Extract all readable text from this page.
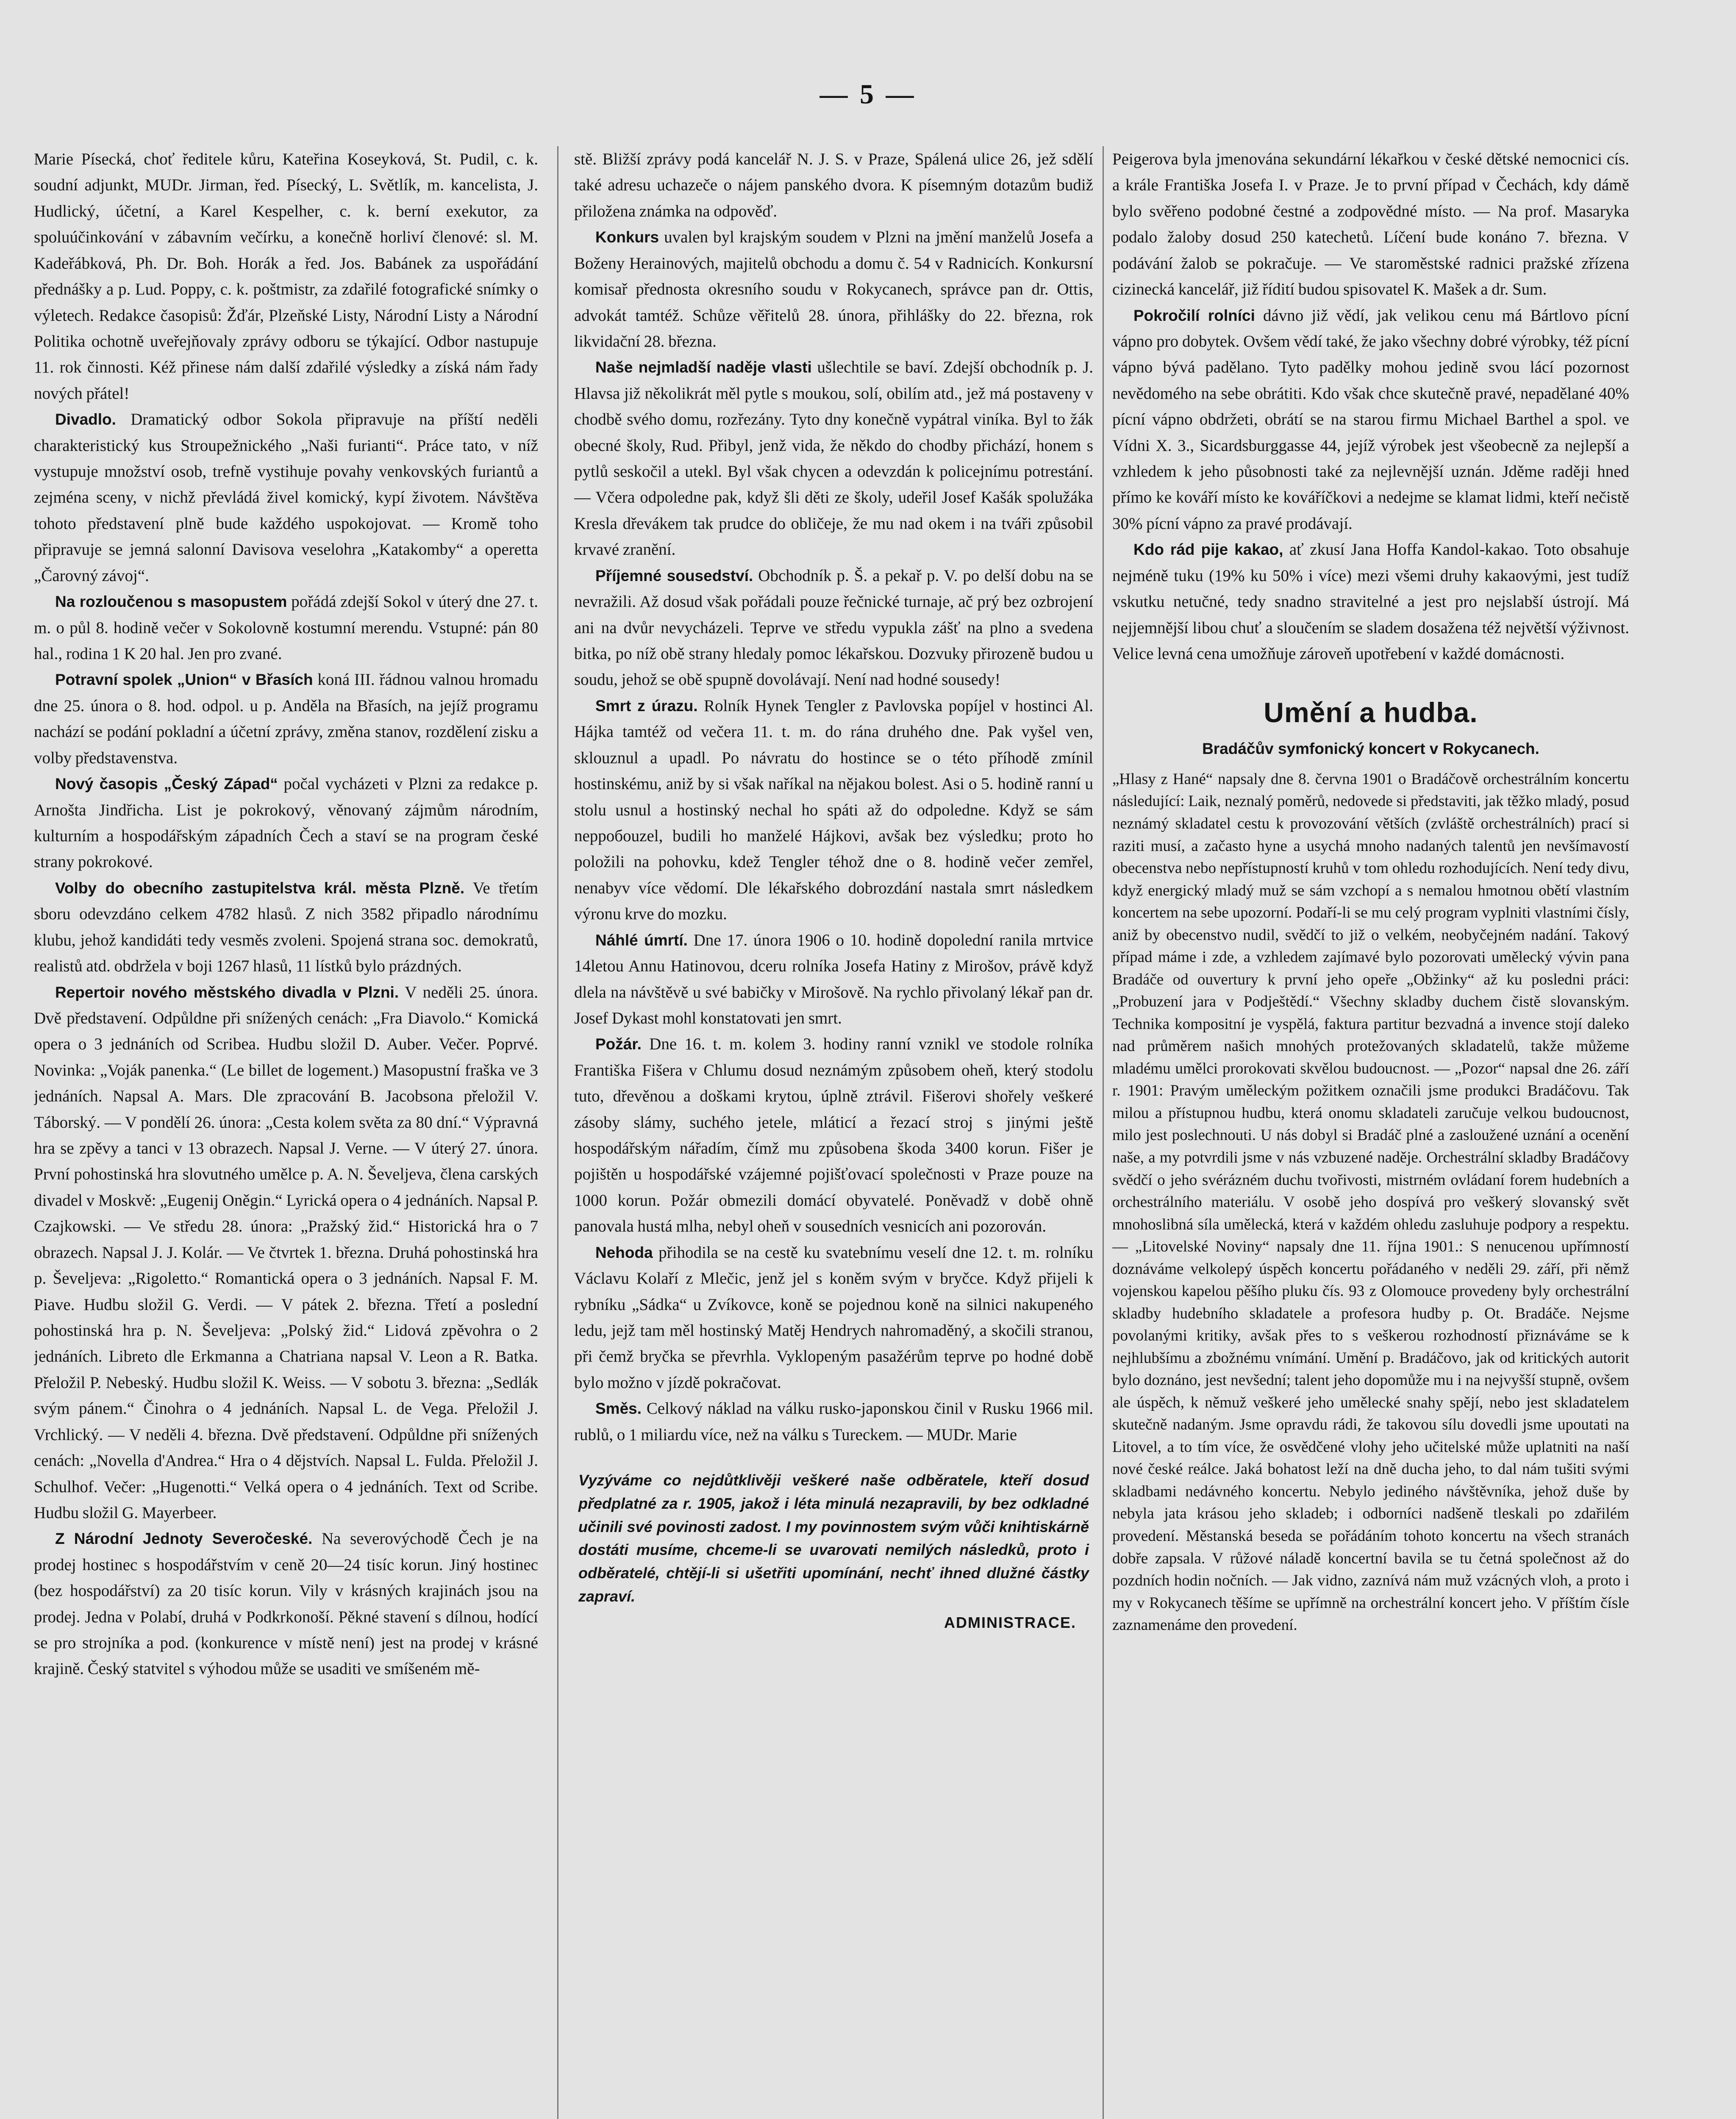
— 5 —

Marie Písecká, choť ředitele kůru, Kateřina Koseyková, St. Pudil, c. k. soudní adjunkt, MUDr. Jirman, řed. Písecký, L. Světlík, m. kancelista, J. Hudlický, účetní, a Karel Kespelher, c. k. berní exekutor, za spoluúčinkování v zábavním večírku, a konečně horliví členové: sl. M. Kadeřábková, Ph. Dr. Boh. Horák a řed. Jos. Babánek za uspořádání přednášky a p. Lud. Poppy, c. k. poštmistr, za zdařilé fotografické snímky o výletech. Redakce časopisů: Žďár, Plzeňské Listy, Národní Listy a Národní Politika ochotně uveřejňovaly zprávy odboru se týkající. Odbor nastupuje 11. rok činnosti. Kéž přinese nám další zdařilé výsledky a získá nám řady nových přátel!

Divadlo. Dramatický odbor Sokola připravuje na příští neděli charakteristický kus Stroupežnického „Naši furianti“. Práce tato, v níž vystupuje množství osob, trefně vystihuje povahy venkovských furiantů a zejména sceny, v nichž převládá živel komický, kypí životem. Návštěva tohoto představení plně bude každého uspokojovat. — Kromě toho připravuje se jemná salonní Davisova veselohra „Katakomby“ a operetta „Čarovný závoj“.

Na rozloučenou s masopustem pořádá zdejší Sokol v úterý dne 27. t. m. o půl 8. hodině večer v Sokolovně kostumní merendu. Vstupné: pán 80 hal., rodina 1 K 20 hal. Jen pro zvané.

Potravní spolek „Union“ v Břasích koná III. řádnou valnou hromadu dne 25. února o 8. hod. odpol. u p. Anděla na Břasích, na jejíž programu nachází se podání pokladní a účetní zprávy, změna stanov, rozdělení zisku a volby představenstva.

Nový časopis „Český Západ“ počal vycházeti v Plzni za redakce p. Arnošta Jindřicha. List je pokrokový, věnovaný zájmům národním, kulturním a hospodářským západních Čech a staví se na program české strany pokrokové.

Volby do obecního zastupitelstva král. města Plzně. Ve třetím sboru odevzdáno celkem 4782 hlasů. Z nich 3582 připadlo národnímu klubu, jehož kandidáti tedy vesměs zvoleni. Spojená strana soc. demokratů, realistů atd. obdržela v boji 1267 hlasů, 11 lístků bylo prázdných.

Repertoir nového městského divadla v Plzni. V neděli 25. února. Dvě představení. Odpůldne při snížených cenách: „Fra Diavolo.“ Komická opera o 3 jednáních od Scribea. Hudbu složil D. Auber. Večer. Poprvé. Novinka: „Voják panenka.“ (Le billet de logement.) Masopustní fraška ve 3 jednáních. Napsal A. Mars. Dle zpracování B. Jacobsona přeložil V. Táborský. — V pondělí 26. února: „Cesta kolem světa za 80 dní.“ Výpravná hra se zpěvy a tanci v 13 obrazech. Napsal J. Verne. — V úterý 27. února. První pohostinská hra slovutného umělce p. A. N. Ševeljeva, člena carských divadel v Moskvě: „Eugenij Oněgin.“ Lyrická opera o 4 jednáních. Napsal P. Czajkowski. — Ve středu 28. února: „Pražský žid.“ Historická hra o 7 obrazech. Napsal J. J. Kolár. — Ve čtvrtek 1. března. Druhá pohostinská hra p. Ševeljeva: „Rigoletto.“ Romantická opera o 3 jednáních. Napsal F. M. Piave. Hudbu složil G. Verdi. — V pátek 2. března. Třetí a poslední pohostinská hra p. N. Ševeljeva: „Polský žid.“ Lidová zpěvohra o 2 jednáních. Libreto dle Erkmanna a Chatriana napsal V. Leon a R. Batka. Přeložil P. Nebeský. Hudbu složil K. Weiss. — V sobotu 3. března: „Sedlák svým pánem.“ Činohra o 4 jednáních. Napsal L. de Vega. Přeložil J. Vrchlický. — V neděli 4. března. Dvě představení. Odpůldne při snížených cenách: „Novella d'Andrea.“ Hra o 4 dějstvích. Napsal L. Fulda. Přeložil J. Schulhof. Večer: „Hugenotti.“ Velká opera o 4 jednáních. Text od Scribe. Hudbu složil G. Mayerbeer.

Z Národní Jednoty Severočeské. Na severovýchodě Čech je na prodej hostinec s hospodářstvím v ceně 20—24 tisíc korun. Jiný hostinec (bez hospodářství) za 20 tisíc korun. Vily v krásných krajinách jsou na prodej. Jedna v Polabí, druhá v Podkrkonoší. Pěkné stavení s dílnou, hodící se pro strojníka a pod. (konkurence v místě není) jest na prodej v krásné krajině. Český statvitel s výhodou může se usaditi ve smíšeném mě-

stě. Bližší zprávy podá kancelář N. J. S. v Praze, Spálená ulice 26, jež sdělí také adresu uchazeče o nájem panského dvora. K písemným dotazům budiž přiložena známka na odpověď.

Konkurs uvalen byl krajským soudem v Plzni na jmění manželů Josefa a Boženy Herainových, majitelů obchodu a domu č. 54 v Radnicích. Konkursní komisař přednosta okresního soudu v Rokycanech, správce pan dr. Ottis, advokát tamtéž. Schůze věřitelů 28. února, přihlášky do 22. března, rok likvidační 28. března.

Naše nejmladší naděje vlasti ušlechtile se baví. Zdejší obchodník p. J. Hlavsa již několikrát měl pytle s moukou, solí, obilím atd., jež má postaveny v chodbě svého domu, rozřezány. Tyto dny konečně vypátral viníka. Byl to žák obecné školy, Rud. Přibyl, jenž vida, že někdo do chodby přichází, honem s pytlů seskočil a utekl. Byl však chycen a odevzdán k policejnímu potrestání. — Včera odpoledne pak, když šli děti ze školy, udeřil Josef Kašák spolužáka Kresla dřevákem tak prudce do obličeje, že mu nad okem i na tváři způsobil krvavé zranění.

Příjemné sousedství. Obchodník p. Š. a pekař p. V. po delší dobu na se nevražili. Až dosud však pořádali pouze řečnické turnaje, ač prý bez ozbrojení ani na dvůr nevycházeli. Teprve ve středu vypukla zášť na plno a svedena bitka, po níž obě strany hledaly pomoc lékařskou. Dozvuky přirozeně budou u soudu, jehož se obě spupně dovolávají. Není nad hodné sousedy!

Smrt z úrazu. Rolník Hynek Tengler z Pavlovska popíjel v hostinci Al. Hájka tamtéž od večera 11. t. m. do rána druhého dne. Pak vyšel ven, sklouznul a upadl. Po návratu do hostince se o této příhodě zmínil hostinskému, aniž by si však naříkal na nějakou bolest. Asi o 5. hodině ranní u stolu usnul a hostinský nechal ho spáti až do odpoledne. Když se sám nepробouzel, budili ho manželé Hájkovi, avšak bez výsledku; proto ho položili na pohovku, kdež Tengler téhož dne o 8. hodině večer zemřel, nenabyv více vědomí. Dle lékařského dobrozdání nastala smrt následkem výronu krve do mozku.

Náhlé úmrtí. Dne 17. února 1906 o 10. hodině dopolední ranila mrtvice 14letou Annu Hatinovou, dceru rolníka Josefa Hatiny z Mirošov, právě když dlela na návštěvě u své babičky v Mirošově. Na rychlo přivolaný lékař pan dr. Josef Dykast mohl konstatovati jen smrt.

Požár. Dne 16. t. m. kolem 3. hodiny ranní vznikl ve stodole rolníka Františka Fišera v Chlumu dosud neznámým způsobem oheň, který stodolu tuto, dřevěnou a doškami krytou, úplně ztrávil. Fišerovi shořely veškeré zásoby slámy, suchého jetele, mláticí a řezací stroj s jinými ještě hospodářským nářadím, čímž mu způsobena škoda 3400 korun. Fišer je pojištěn u hospodářské vzájemné pojišťovací společnosti v Praze pouze na 1000 korun. Požár obmezili domácí obyvatelé. Poněvadž v době ohně panovala hustá mlha, nebyl oheň v sousedních vesnicích ani pozorován.

Nehoda přihodila se na cestě ku svatebnímu veselí dne 12. t. m. rolníku Václavu Kolaří z Mlečic, jenž jel s koněm svým v bryčce. Když přijeli k rybníku „Sádka“ u Zvíkovce, koně se pojednou koně na silnici nakupeného ledu, jejž tam měl hostinský Matěj Hendrych nahromaděný, a skočili stranou, při čemž bryčka se převrhla. Vyklopeným pasažérům teprve po hodné době bylo možno v jízdě pokračovat.

Směs. Celkový náklad na válku rusko-japonskou činil v Rusku 1966 mil. rublů, o 1 miliardu více, než na válku s Tureckem. — MUDr. Marie

Vyzýváme co nejdůtklivěji veškeré naše odběratele, kteří dosud předplatné za r. 1905, jakož i léta minulá nezapravili, by bez odkladné učinili své povinosti zadost. I my povinnostem svým vůči knihtiskárně dostáti musíme, chceme-li se uvarovati nemilých následků, proto i odběratelé, chtějí-li si ušetřiti upomínání, nechť ihned dlužné částky zapraví.
ADMINISTRACE.

Peigerova byla jmenována sekundární lékařkou v české dětské nemocnici cís. a krále Františka Josefa I. v Praze. Je to první případ v Čechách, kdy dámě bylo svěřeno podobné čestné a zodpovědné místo. — Na prof. Masaryka podalo žaloby dosud 250 katechetů. Líčení bude konáno 7. března. V podávání žalob se pokračuje. — Ve staroměstské radnici pražské zřízena cizinecká kancelář, již řídití budou spisovatel K. Mašek a dr. Sum.

Pokročilí rolníci dávno již vědí, jak velikou cenu má Bártlovo pícní vápno pro dobytek. Ovšem vědí také, že jako všechny dobré výrobky, též pícní vápno bývá padělano. Tyto padělky mohou jedině svou lácí pozornost nevědomého na sebe obrátiti. Kdo však chce skutečně pravé, nepadělané 40% pícní vápno obdržeti, obrátí se na starou firmu Michael Barthel a spol. ve Vídni X. 3., Sicardsburggasse 44, jejíž výrobek jest všeobecně za nejlepší a vzhledem k jeho působnosti také za nejlevnější uznán. Jděme raději hned přímo ke kováří místo ke kováříčkovi a nedejme se klamat lidmi, kteří nečistě 30% pícní vápno za pravé prodávají.

Kdo rád pije kakao, ať zkusí Jana Hoffa Kandol-kakao. Toto obsahuje nejméně tuku (19% ku 50% i více) mezi všemi druhy kakaovými, jest tudíž vskutku netučné, tedy snadno stravitelné a jest pro nejslabší ústrojí. Má nejjemnější libou chuť a sloučením se sladem dosažena též největší výživnost. Velice levná cena umožňuje zároveň upotřebení v každé domácnosti.

Umění a hudba.
Bradáčův symfonický koncert v Rokycanech.

„Hlasy z Hané“ napsaly dne 8. června 1901 o Bradáčově orchestrálním koncertu následující: Laik, neznalý poměrů, nedovede si představiti, jak těžko mladý, posud neznámý skladatel cestu k provozování větších (zvláště orchestrálních) prací si raziti musí, a začasto hyne a usychá mnoho nadaných talentů jen nevšímavostí obecenstva nebo nepřístupností kruhů v tom ohledu rozhodujících. Není tedy divu, když energický mladý muž se sám vzchopí a s nemalou hmotnou obětí vlastním koncertem na sebe upozorní. Podaří-li se mu celý program vyplniti vlastními čísly, aniž by obecenstvo nudil, svědčí to již o velkém, neobyčejném nadání. Takový případ máme i zde, a vzhledem zajímavé bylo pozorovati umělecký vývin pana Bradáče od ouvertury k první jeho opeře „Obžinky“ až ku posledni práci: „Probuzení jara v Podještědí.“ Všechny skladby duchem čistě slovanským. Technika kompositní je vyspělá, faktura partitur bezvadná a invence stojí daleko nad průměrem našich mnohých protežovaných skladatelů, takže můžeme mladému umělci prorokovati skvělou budoucnost. — „Pozor“ napsal dne 26. září r. 1901: Pravým uměleckým požitkem označili jsme produkci Bradáčovu. Tak milou a přístupnou hudbu, která onomu skladateli zaručuje velkou budoucnost, milo jest poslechnouti. U nás dobyl si Bradáč plné a zasloužené uznání a ocenění naše, a my potvrdili jsme v nás vzbuzené naděje. Orchestrální skladby Bradáčovy svědčí o jeho svérázném duchu tvořivosti, mistrném ovládaní forem hudebních a orchestrálního materiálu. V osobě jeho dospívá pro veškerý slovanský svět mnohoslibná síla umělecká, která v každém ohledu zasluhuje podpory a respektu. — „Litovelské Noviny“ napsaly dne 11. října 1901.: S nenucenou upřímností doznáváme velkolepý úspěch koncertu pořádaného v neděli 29. září, při němž vojenskou kapelou pěšího pluku čís. 93 z Olomouce provedeny byly orchestrální skladby hudebního skladatele a profesora hudby p. Ot. Bradáče. Nejsme povolanými kritiky, avšak přes to s veškerou rozhodností přiznáváme se k nejhlubšímu a zbožnému vnímání. Umění p. Bradáčovo, jak od kritických autorit bylo doznáno, jest nevšední; talent jeho dopomůže mu i na nejvyšší stupně, ovšem ale úspěch, k němuž veškeré jeho umělecké snahy spějí, nebo jest skladatelem skutečně nadaným. Jsme opravdu rádi, že takovou sílu dovedli jsme upoutati na Litovel, a to tím více, že osvědčené vlohy jeho učitelské může uplatniti na naší nové české reálce. Jaká bohatost leží na dně ducha jeho, to dal nám tušiti svými skladbami nedávného koncertu. Nebylo jediného návštěvníka, jehož duše by nebyla jata krásou jeho skladeb; i odborníci nadšeně tleskali po zdařilém provedení. Městanská beseda se pořádáním tohoto koncertu na všech stranách dobře zapsala. V růžové náladě koncertní bavila se tu četná společnost až do pozdních hodin nočních. — Jak vidno, zaznívá nám muž vzácných vloh, a proto i my v Rokycanech těšíme se upřímně na orchestrální koncert jeho. V příštím čísle zaznamenáme den provedení.
